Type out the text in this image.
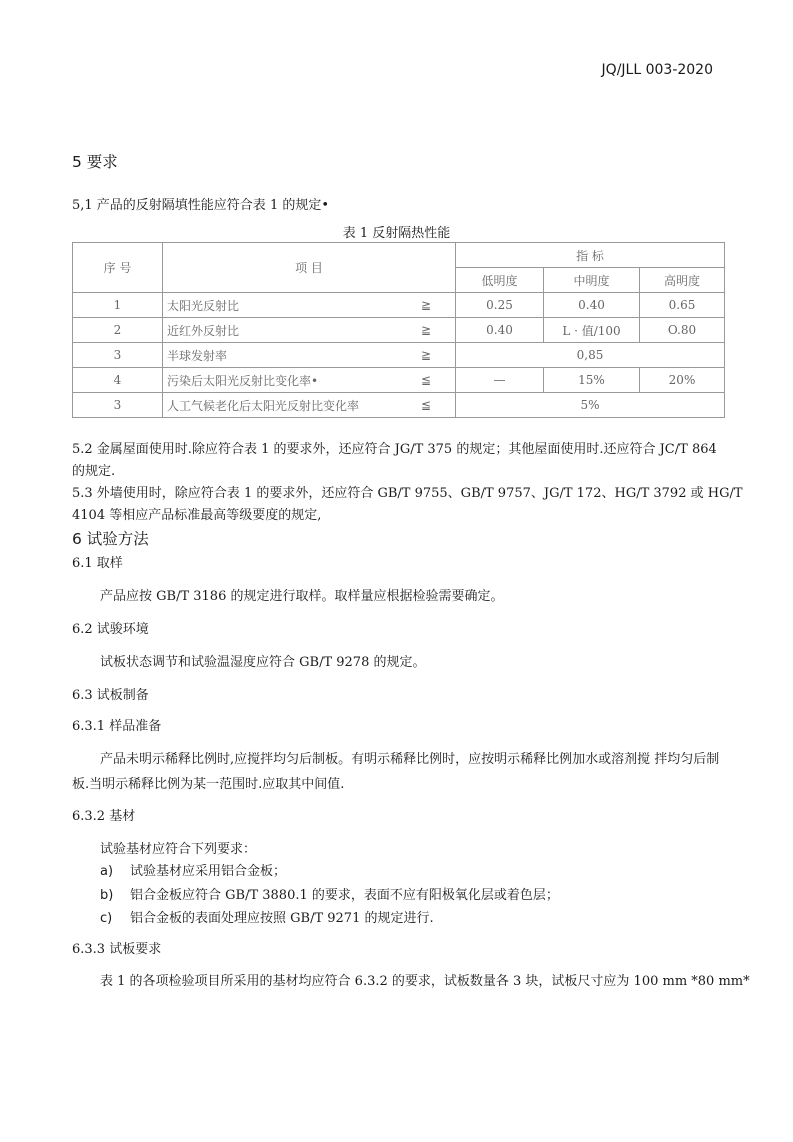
JQ/JLL 003-2020
5 要求
5,1 产品的反射隔填性能应符合表 1 的规定•
表 1 反射隔热性能
序 号	项 目	指 标		
		低明度	中明度	高明度
1	太阳光反射比 ≧	0.25	0.40	0.65
2	近红外反射比 ≧	0.40	L · 值/100	O.80
3	半球发射率 ≧	0,85		
4	污染后太阳光反射比变化率• ≦	—	15%	20%
3	人工气候老化后太阳光反射比变化率 ≦	5%		
5.2 金属屋面使用时.除应符合表 1 的要求外，还应符合 JG/T 375 的规定；其他屋面使用时.还应符合 JC/T 864
的规定.
5.3 外墙使用时，除应符合表 1 的要求外，还应符合 GB/T 9755、GB/T 9757、JG/T 172、HG/T 3792 或 HG/T
4104 等相应产品标准最高等级要度的规定,
6 试验方法
6.1 取样
产品应按 GB/T 3186 的规定进行取样。取样量应根据检验需要确定。
6.2 试骏环境
试板状态调节和试验温湿度应符合 GB/T 9278 的规定。
6.3 试板制备
6.3.1 样品准备
产品未明示稀释比例时,应搅拌均匀后制板。有明示稀释比例时，应按明示稀释比例加水或溶剂搅 拌均匀后制
板.当明示稀释比例为某一范围时.应取其中间值.
6.3.2 基材
试验基材应符合下列要求：
a) 试验基材应采用铝合金板；
b) 铝合金板应符合 GB/T 3880.1 的要求，表面不应有阳极氧化层或着色层；
c) 铝合金板的表面处理应按照 GB/T 9271 的规定进行.
6.3.3 试板要求
表 1 的各项检验项目所采用的基材均应符合 6.3.2 的要求，试板数量各 3 块，试板尺寸应为 100 mm *80 mm*
